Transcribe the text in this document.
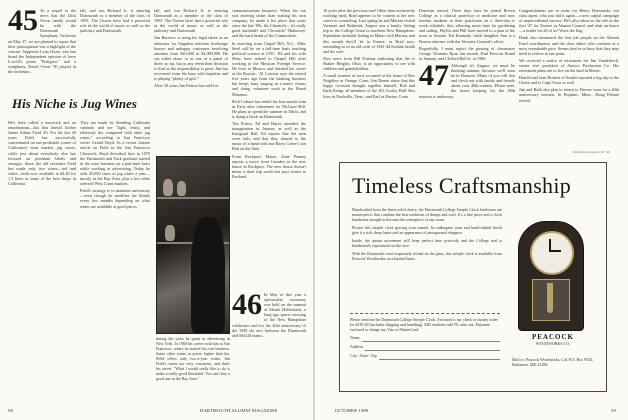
45 As a sequel to the news that the Dick Owen family would be with the Dartmouth Symphony Orchestra on May 27, we are pleased to report that their participation was a highlight of the concert. Supporter Lynn Owen, who has heard the Independent opinion of Jerry Lowell's poem "Pettigrew" and a symphony, David Owen '90 played in the orchestra...
His Niche is Jug Wines

He's been called a maverick and an anachronism—but that doesn't bother James Arthur Field '45. For the last 20 years Field has successfully concentrated on one profitable corner of California's wine market, jug wines, while just about everybody else has focused on premium labels and vintages. Since the old seventies Field has made only two wines—red and white—both now available at $4.49 for 1.5 liters in some of the best shops in California.

They are made by blending California varietals and are "light, fruity, and relatively dry compared with other jug wines," according to San Francisco writer Gerald Boyd. In a recent feature article on Field in the San Francisco Chronicle, Boyd described how in 1970 the Dartmouth and Tuck graduate started in the wine business on a part-time basis while working in advertising. Today he sells 45,000 cases of jug wines a year—mostly in the Bay Area, plus a few other selected West Coast markets.

Field's strategy is to maintain uniformity—even though he modifies the blends every few months depending on what wines are available at good prices.

fall, and son Richard Jr. is entering Dartmouth as a member of the class of 1993. The Owens have had a powerful role in the world of music as well as the judiciary and Dartmouth.

fall, and son Richard Jr. is entering Dartmouth as a member of the class of 1993. The Owens have had a powerful role in the world of music as well as the judiciary and Dartmouth.

Jim Burrows is using his legal talent as an arbitrator for litigation between brokerage houses and unhappy customers involving amounts from $20,000 to $2,000,000. He sits either alone or as one of a panel of three; so far, but in any event their decision is final at the responsibility is great. Jim has recovered from his bout with hepatitis and is playing "plenty of golf."

After 30 years Jim Fenton has sold his

during the years he spent in advertising in New York. In 1960 his career took him to San Francisco, where he started his own business. Some other wines at prices higher than his, Field offers only two-a-year wines. Jim Field's wines are very consistent, and that's his secret. "What I would really like to do is make a really good Zinfandel. You can't buy a good one in the Bay Area."

communications business. When his son was entering rather than starting his own company, he made it his place that years since the late '80s, the Chronicle... it's really good zinfandel and 'Chronicle' 'Hathaway' and the hard heads of the Commodore.

In asserting from Chapel Hill, N.C., Mike Steel will be on a full-time basis teaching political science at UNC. He and his wife Mary have retired to Chapel Hill after working in the Mexican Foreign Service. He lives in Mexico and finished his career at the Boston... Al Cousins says the retired five years ago from the banking business but keeps busy singing in a men's chorus and doing volunteer work at the Heard Museum.

Rick Coburn has ended his four-month stint in Paris after retirement for McGraw-Hill. He plans to spend the summer in Tahiti, and is doing a book on Dartmouth.

The Prince, Ed and Hayes attended the inauguration in January as well as the Inaugural Ball. Ed reports that the men wore tails, and that they danced to the music of a band with one Harry Carter's son Bob on the flute.

From Rockport, Maine, Zane Penney reports a move from Camden to the new house in Rockport. The new house doesn't mean a short trip south this past winter to Portland.

46 In May of this year a spectacular ceremony was held on the summit of Mount Hollenbeck, a long-ago sports crossing of the New Hampshire wilderness and for the 40th anniversary of the 1949 ski race between the Dartmouth and McGill teams...
58	DARTMOUTH ALUMNI MAGAZINE

16 years after the previous one! Other than exclusively working hard, Brad appears to be content at her new career in counseling. Last spring he and Marian visited Vermont and Bethesda; August saw a family fishing trip to the College Grant in northern New Hampshire. September included fishing in Maine with Marian, and this month they'll be in France, as Brad says, reminding us in an old code of 1941-44 Kodiak health and his wife.

Now news from Bill Fortuna indicating that life is Shaker Heights, Ohio, is an opportunity to see with children and grandchildren.

A small reunion of sorts occurred at the home of Rex Neighbor in Orange, Conn. Jim Barnet states that this happy occasion brought together himself, Bob and Earle Kemp, all members of the 101 Crosby Hall: Rex lives in Nashville, Tenn., and Earl in Darien, Conn.

Donovan retired. Three days later he joined Brown College as a clinical professor of medicine and now teaches students in their practicum on a three-day-a-week schedule, thus allowing more time for gardening and sailing. Phyllis and Phil have moved to a plan of the town to Senator Ted Kennedy, while daughter Ann is a Boston attorney with the Attorney General's office.

Regretfully, I must report the passing of classmates George Timmins Ryan last month, Paul Prescott Brand in January, and Clifford Bell Jr. in 1986.

47 Although it's August, we must be thinking autumn, because we'll soon be in Hanover. Many of you will don and check out with family and friends about your 40th reunion. Please note, the house keeping for the 40th reunion is underway.

Congratulations are in order for Henry Brzezinski, our class agent, who just did it again—a new capital campaign of unprecedented success. He's also taken on the role as the first '47 for Trustee in Alumni Council and what an honor—a leader for all of us! Wave the flag.

Hank also mentioned the fine job people on the Alumni Fund coordinators and the class editor who continue at a most remarkable pace. Seems they're so busy that they may need to relieve at one point.

We received a notice of retirement for Jim Vanderbeck, senior vice president of Amoco Production Co. His retirement plans are to live on the land in Maine.

Harold and Jean Hosken of Seattle reported a big trip to the Orient and to Cape Town as well.

Jim and Ruth also plan to return to Denver soon for a 40th anniversary reunion. In Hopkins, Minn., Doug Palmer retired

OCTOBER 1989	59
Timeless Craftsmanship

Handcrafted from the finest solid cherry, the Dartmouth College Steeple Clock heirlooms are masterpieces that combine the best traditions of design and craft. It's a fine piece and a clock handsome enough to become the centerpiece of any room.

Picture this steeple clock gracing your mantel. Its mahogany stain and hand-rubbed finish give it a rich, deep luster and an appearance of unsurpassed elegance.

Inside, the quartz movement will keep perfect time precisely and the College seal is handsomely reproduced on the face.

With the Dartmouth crest exquisitely etched on the glass, this steeple clock is available from Peacock Woodworks on a limited basis.

PEACOCK
WOODWORKS CO.
Please send me the Dartmouth College Steeple Clock. Enclosed is my check or money order for $185.00 (includes shipping and handling). MD residents add 5% sales tax. Payment enclosed or charge my Visa or MasterCard.
Name
Address
City / State / Zip
Mail to: Peacock Woodworks, Ltd. P.O. Box 9534, Baltimore, MD 21284
Clock shown approx. 16" tall
